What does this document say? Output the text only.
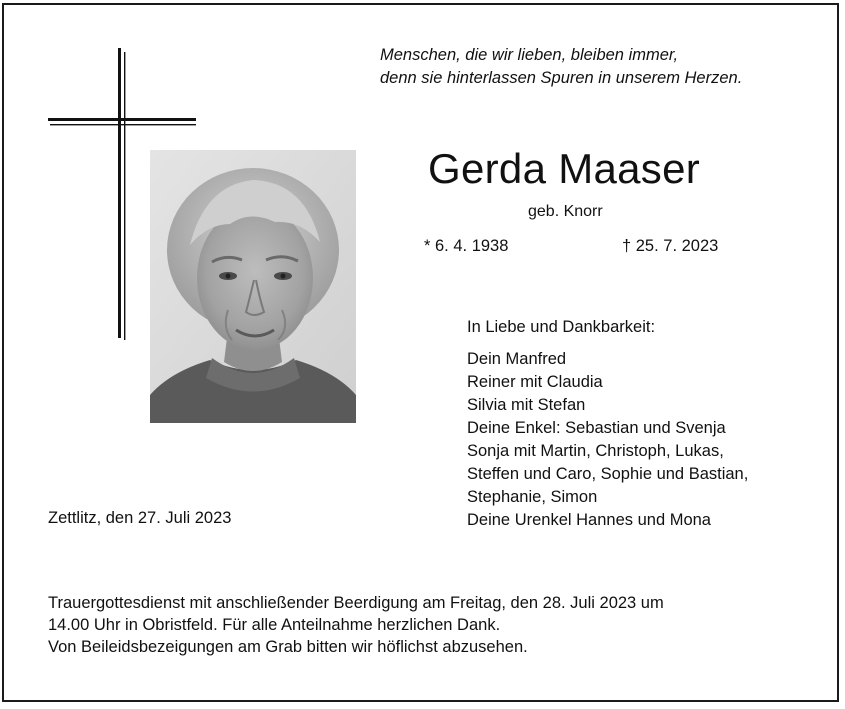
Menschen, die wir lieben, bleiben immer,
denn sie hinterlassen Spuren in unserem Herzen.
Gerda Maaser
geb. Knorr
* 6. 4. 1938	† 25. 7. 2023
In Liebe und Dankbarkeit:
Dein Manfred
Reiner mit Claudia
Silvia mit Stefan
Deine Enkel: Sebastian und Svenja
Sonja mit Martin, Christoph, Lukas,
Steffen und Caro, Sophie und Bastian,
Stephanie, Simon
Deine Urenkel Hannes und Mona
Zettlitz, den 27. Juli 2023
Trauergottesdienst mit anschließender Beerdigung am Freitag, den 28. Juli 2023 um
14.00 Uhr in Obristfeld. Für alle Anteilnahme herzlichen Dank.
Von Beileidsbezeigungen am Grab bitten wir höflichst abzusehen.
